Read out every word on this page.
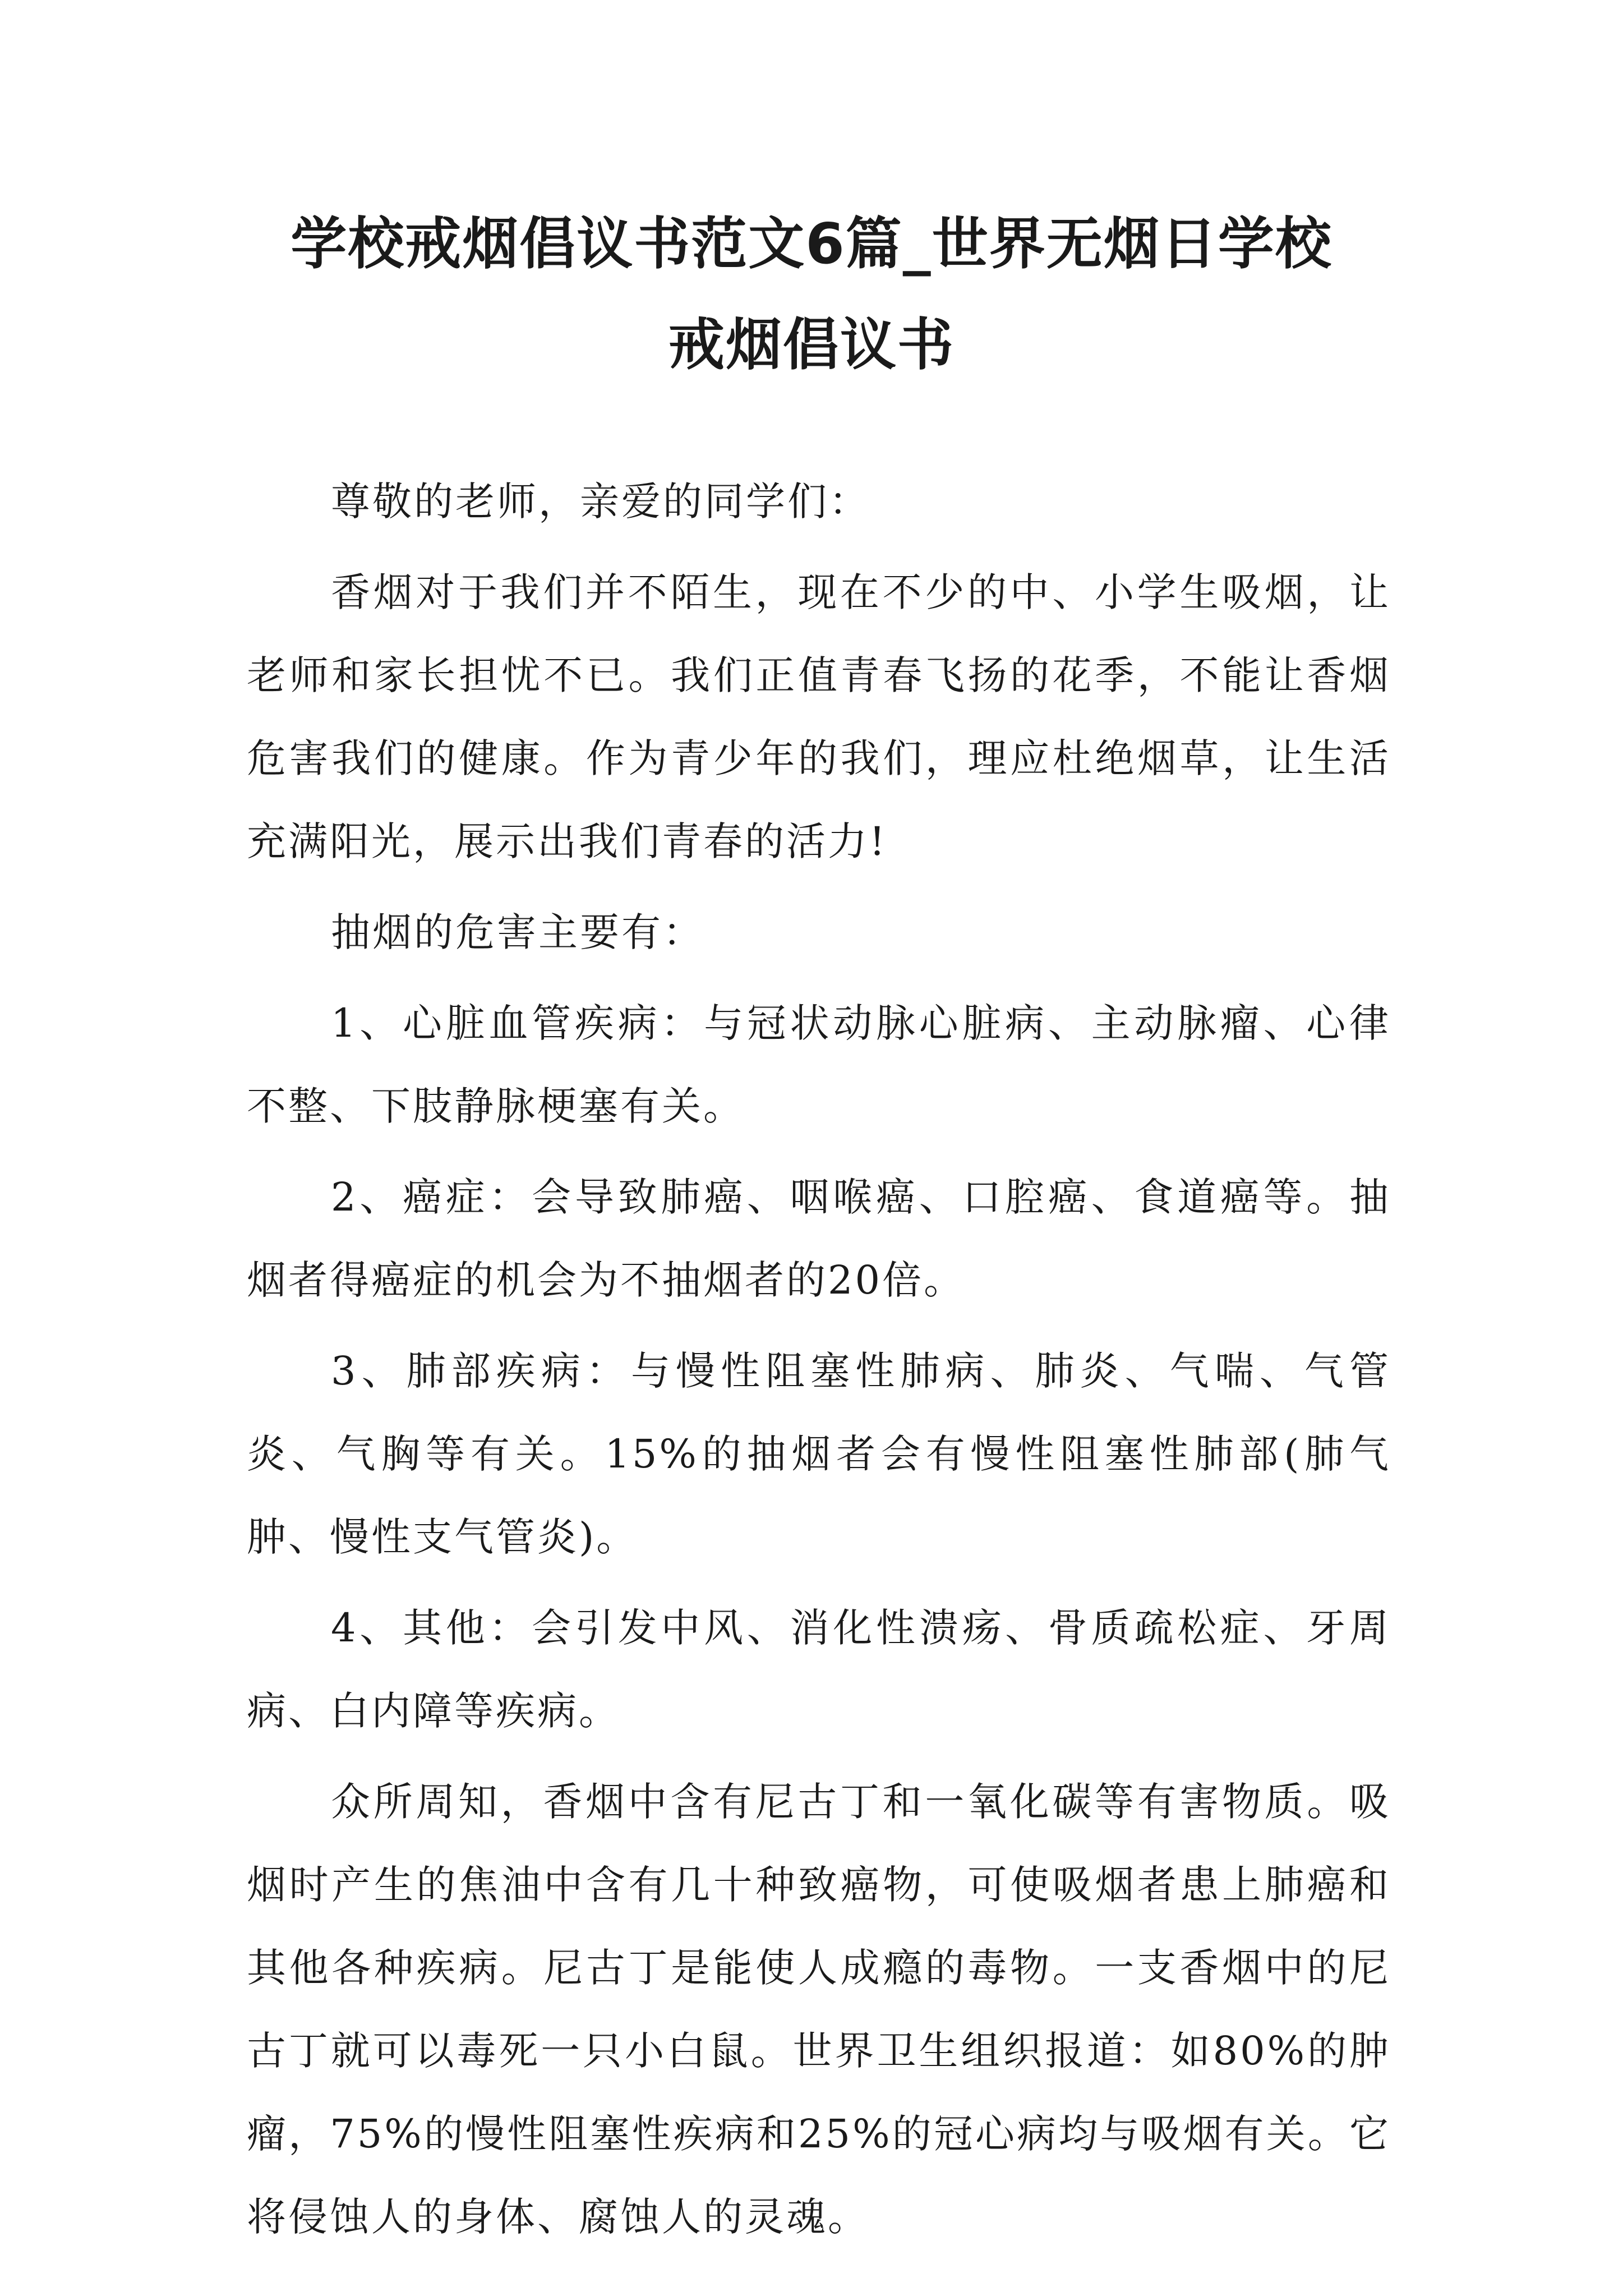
学校戒烟倡议书范文6篇_世界无烟日学校
戒烟倡议书

尊敬的老师，亲爱的同学们：

香烟对于我们并不陌生，现在不少的中、小学生吸烟，让老师和家长担忧不已。我们正值青春飞扬的花季，不能让香烟危害我们的健康。作为青少年的我们，理应杜绝烟草，让生活充满阳光，展示出我们青春的活力!

抽烟的危害主要有：

1、心脏血管疾病：与冠状动脉心脏病、主动脉瘤、心律不整、下肢静脉梗塞有关。

2、癌症：会导致肺癌、咽喉癌、口腔癌、食道癌等。抽烟者得癌症的机会为不抽烟者的20倍。

3、肺部疾病：与慢性阻塞性肺病、肺炎、气喘、气管炎、气胸等有关。15%的抽烟者会有慢性阻塞性肺部(肺气肿、慢性支气管炎)。

4、其他：会引发中风、消化性溃疡、骨质疏松症、牙周病、白内障等疾病。

众所周知，香烟中含有尼古丁和一氧化碳等有害物质。吸烟时产生的焦油中含有几十种致癌物，可使吸烟者患上肺癌和其他各种疾病。尼古丁是能使人成瘾的毒物。一支香烟中的尼古丁就可以毒死一只小白鼠。世界卫生组织报道：如80%的肿瘤，75%的慢性阻塞性疾病和25%的冠心病均与吸烟有关。它将侵蚀人的身体、腐蚀人的灵魂。
